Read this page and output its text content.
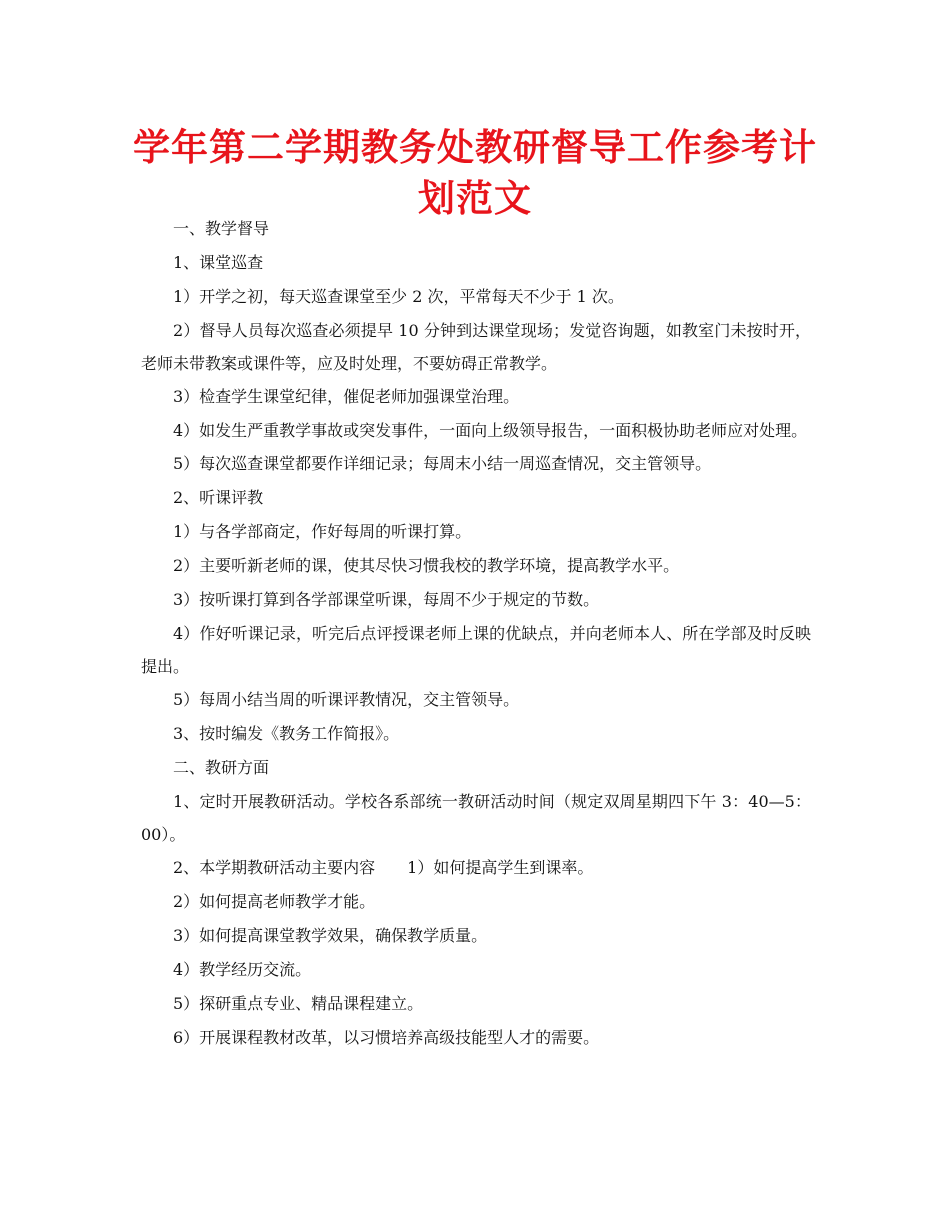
学年第二学期教务处教研督导工作参考计划范文

一、教学督导

1、课堂巡查

1）开学之初，每天巡查课堂至少 2 次，平常每天不少于 1 次。

2）督导人员每次巡查必须提早 10 分钟到达课堂现场；发觉咨询题，如教室门未按时开，老师未带教案或课件等，应及时处理，不要妨碍正常教学。

3）检查学生课堂纪律，催促老师加强课堂治理。

4）如发生严重教学事故或突发事件，一面向上级领导报告，一面积极协助老师应对处理。

5）每次巡查课堂都要作详细记录；每周末小结一周巡查情况，交主管领导。

2、听课评教

1）与各学部商定，作好每周的听课打算。

2）主要听新老师的课，使其尽快习惯我校的教学环境，提高教学水平。

3）按听课打算到各学部课堂听课，每周不少于规定的节数。

4）作好听课记录，听完后点评授课老师上课的优缺点，并向老师本人、所在学部及时反映提出。

5）每周小结当周的听课评教情况，交主管领导。

3、按时编发《教务工作简报》。

二、教研方面

1、定时开展教研活动。学校各系部统一教研活动时间（规定双周星期四下午 3：40—5：00）。

2、本学期教研活动主要内容　　1）如何提高学生到课率。

2）如何提高老师教学才能。

3）如何提高课堂教学效果，确保教学质量。

4）教学经历交流。

5）探研重点专业、精品课程建立。

6）开展课程教材改革，以习惯培养高级技能型人才的需要。
